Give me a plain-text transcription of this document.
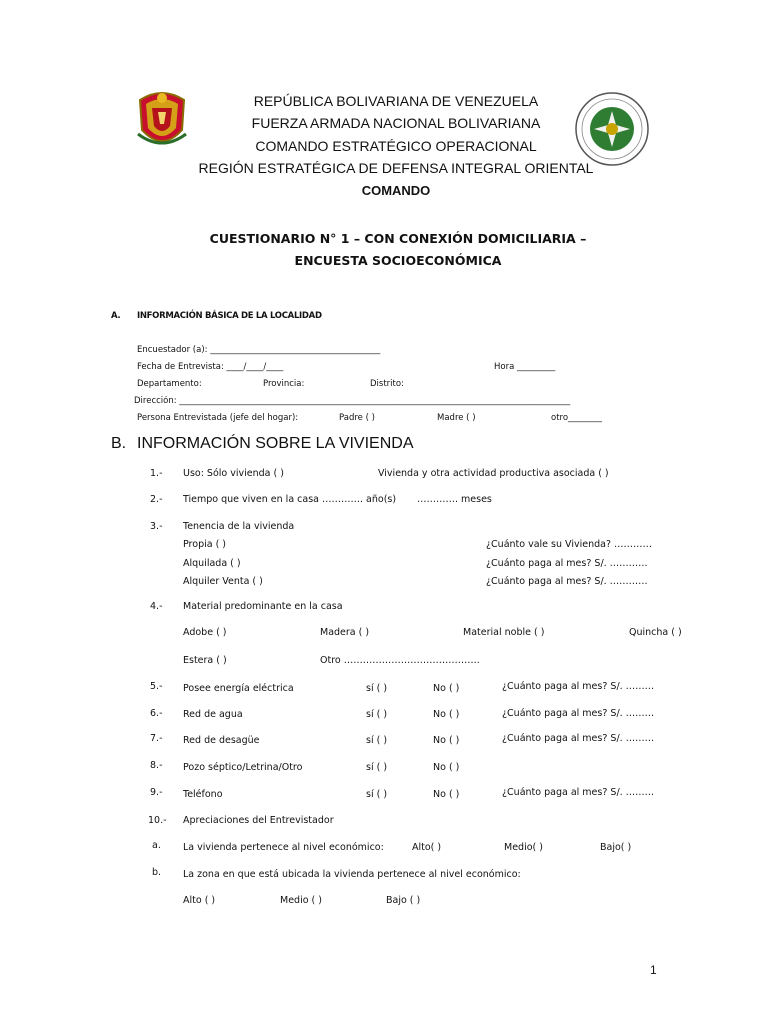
REPÚBLICA BOLIVARIANA DE VENEZUELA
FUERZA ARMADA NACIONAL BOLIVARIANA
COMANDO ESTRATÉGICO OPERACIONAL
REGIÓN ESTRATÉGICA DE DEFENSA INTEGRAL ORIENTAL
COMANDO
CUESTIONARIO N° 1 – CON CONEXIÓN DOMICILIARIA –
ENCUESTA SOCIOECONÓMICA
A. INFORMACIÓN BÁSICA DE LA LOCALIDAD
Encuestador (a): ________________________________________
Fecha de Entrevista: ____/____/____	Hora _________
Departamento:	Provincia:	Distrito:
Dirección: ____________________________________________________________________________________________
Persona Entrevistada (jefe del hogar):	Padre ( )	Madre ( )	otro________
B. INFORMACIÓN SOBRE LA VIVIENDA
1.- Uso: Sólo vivienda ( )	Vivienda y otra actividad productiva asociada ( )
2.- Tiempo que viven en la casa …………. año(s) …………. meses
3.- Tenencia de la vivienda
Propia ( )	¿Cuánto vale su Vivienda? …………
Alquilada ( )	¿Cuánto paga al mes? S/. …………
Alquiler Venta ( )	¿Cuánto paga al mes? S/. …………
4.- Material predominante en la casa
Adobe ( )	Madera ( )	Material noble ( )	Quincha ( )
Estera ( )	Otro …………………………………….
5.- Posee energía eléctrica	sí ( )	No ( )	¿Cuánto paga al mes? S/. ………
6.- Red de agua	sí ( )	No ( )	¿Cuánto paga al mes? S/. ………
7.- Red de desagüe	sí ( )	No ( )	¿Cuánto paga al mes? S/. ………
8.- Pozo séptico/Letrina/Otro	sí ( )	No ( )
9.- Teléfono	sí ( )	No ( )	¿Cuánto paga al mes? S/. ………
10.- Apreciaciones del Entrevistador
a. La vivienda pertenece al nivel económico:	Alto( )	Medio( )	Bajo( )
b. La zona en que está ubicada la vivienda pertenece al nivel económico:
Alto ( )	Medio ( )	Bajo ( )
1
